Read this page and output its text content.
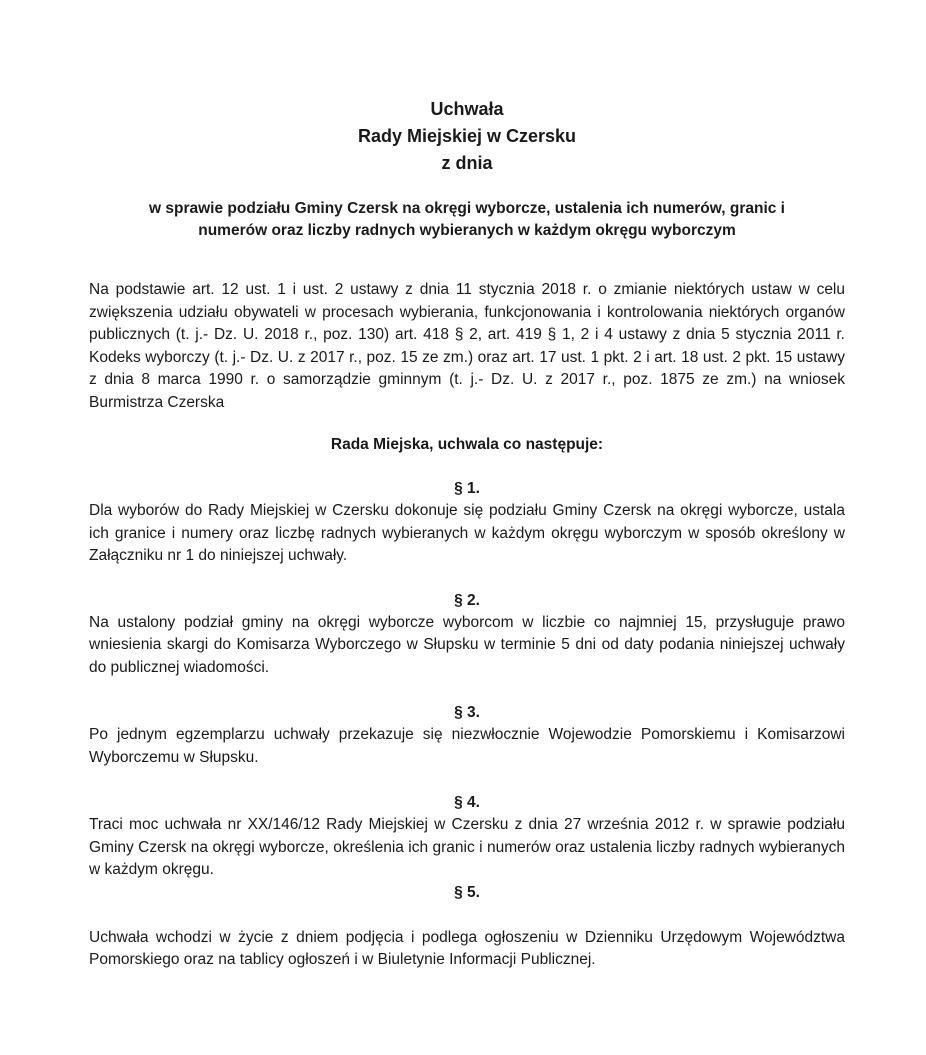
Uchwała
Rady Miejskiej w Czersku
z dnia
w sprawie podziału Gminy Czersk na okręgi wyborcze, ustalenia ich numerów, granic i numerów oraz liczby radnych wybieranych w każdym okręgu wyborczym
Na podstawie art. 12 ust. 1 i ust. 2 ustawy z dnia 11 stycznia 2018 r. o zmianie niektórych ustaw w celu zwiększenia udziału obywateli w procesach wybierania, funkcjonowania i kontrolowania niektórych organów publicznych (t. j.- Dz. U. 2018 r., poz. 130) art. 418 § 2, art. 419 § 1, 2 i 4 ustawy z dnia 5 stycznia 2011 r. Kodeks wyborczy (t. j.- Dz. U. z 2017 r., poz. 15 ze zm.) oraz art. 17 ust. 1 pkt. 2 i art. 18 ust. 2 pkt. 15 ustawy z dnia 8 marca 1990 r. o samorządzie gminnym (t. j.- Dz. U. z 2017 r., poz. 1875 ze zm.) na wniosek Burmistrza Czerska
Rada Miejska, uchwala co następuje:
§ 1.
Dla wyborów do Rady Miejskiej w Czersku dokonuje się podziału Gminy Czersk na okręgi wyborcze, ustala ich granice i numery oraz liczbę radnych wybieranych w każdym okręgu wyborczym w sposób określony w Załączniku nr 1 do niniejszej uchwały.
§ 2.
Na ustalony podział gminy na okręgi wyborcze wyborcom w liczbie co najmniej 15, przysługuje prawo wniesienia skargi do Komisarza Wyborczego w Słupsku w terminie 5 dni od daty podania niniejszej uchwały do publicznej wiadomości.
§ 3.
Po jednym egzemplarzu uchwały przekazuje się niezwłocznie Wojewodzie Pomorskiemu i Komisarzowi Wyborczemu w Słupsku.
§ 4.
Traci moc uchwała nr XX/146/12 Rady Miejskiej w Czersku z dnia 27 września 2012 r. w sprawie podziału Gminy Czersk na okręgi wyborcze, określenia ich granic i numerów oraz ustalenia liczby radnych wybieranych w każdym okręgu.
§ 5.
Uchwała wchodzi w życie z dniem podjęcia i podlega ogłoszeniu w Dzienniku Urzędowym Województwa Pomorskiego oraz na tablicy ogłoszeń i w Biuletynie Informacji Publicznej.
